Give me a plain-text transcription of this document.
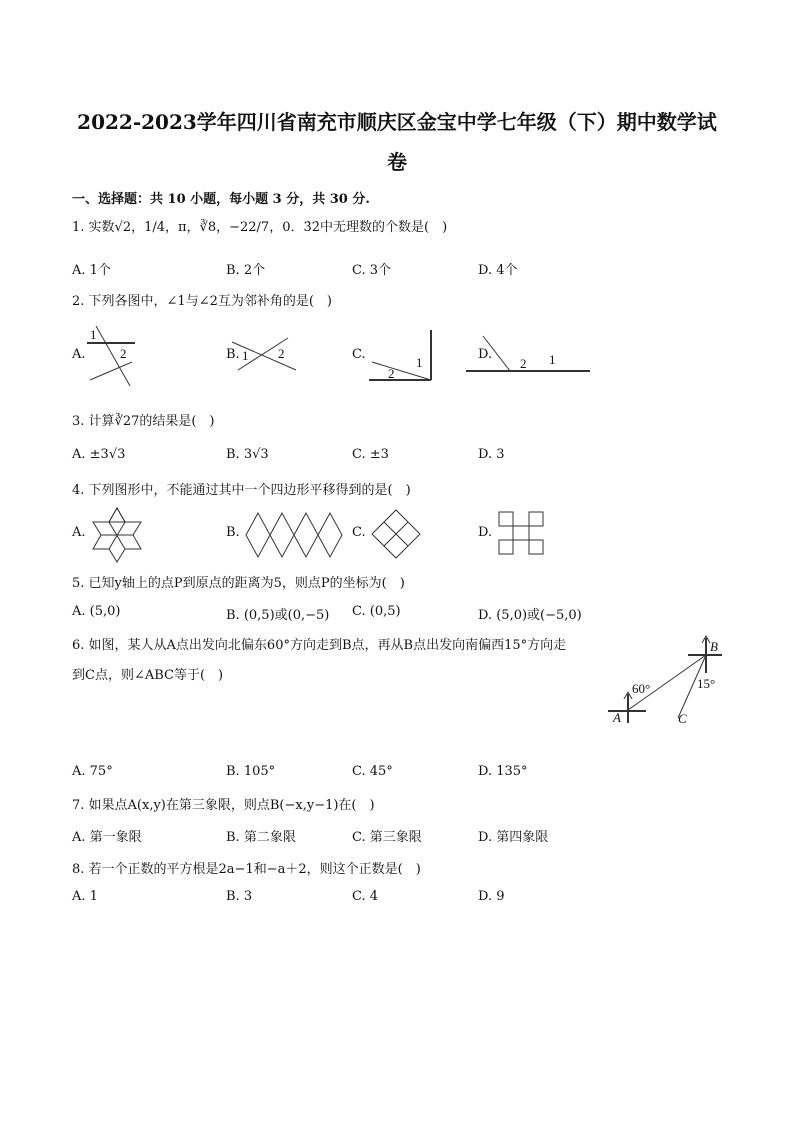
2022-2023学年四川省南充市顺庆区金宝中学七年级（下）期中数学试
卷
一、选择题：共 10 小题，每小题 3 分，共 30 分.
1. 实数√2，1/4，π，∛8，−22/7，0．3̇2̇中无理数的个数是(　)
A. 1个	B. 2个	C. 3个	D. 4个
2. 下列各图中，∠1与∠2互为邻补角的是(　)
A.	B.	C.	D.
1
2	1 2
2
1	2 1
3. 计算∛27的结果是(　)
A. ±3√3	B. 3√3	C. ±3	D. 3
4. 下列图形中，不能通过其中一个四边形平移得到的是(　)
A.	B.	C.	D.
5. 已知y轴上的点P到原点的距离为5，则点P的坐标为(　)
A. (5,0)	B. (0,5)或(0,−5) C. (0,5)	D. (5,0)或(−5,0)
6. 如图，某人从A点出发向北偏东60°方向走到B点，再从B点出发向南偏西15°方向走
到C点，则∠ABC等于(　)
A
B
C
60°	15°
A. 75°	B. 105°	C. 45°	D. 135°
7. 如果点A(x,y)在第三象限，则点B(−x,y−1)在(　)
A. 第一象限	B. 第二象限	C. 第三象限	D. 第四象限
8. 若一个正数的平方根是2a−1和−a＋2，则这个正数是(　)
A. 1	B. 3	C. 4	D. 9
